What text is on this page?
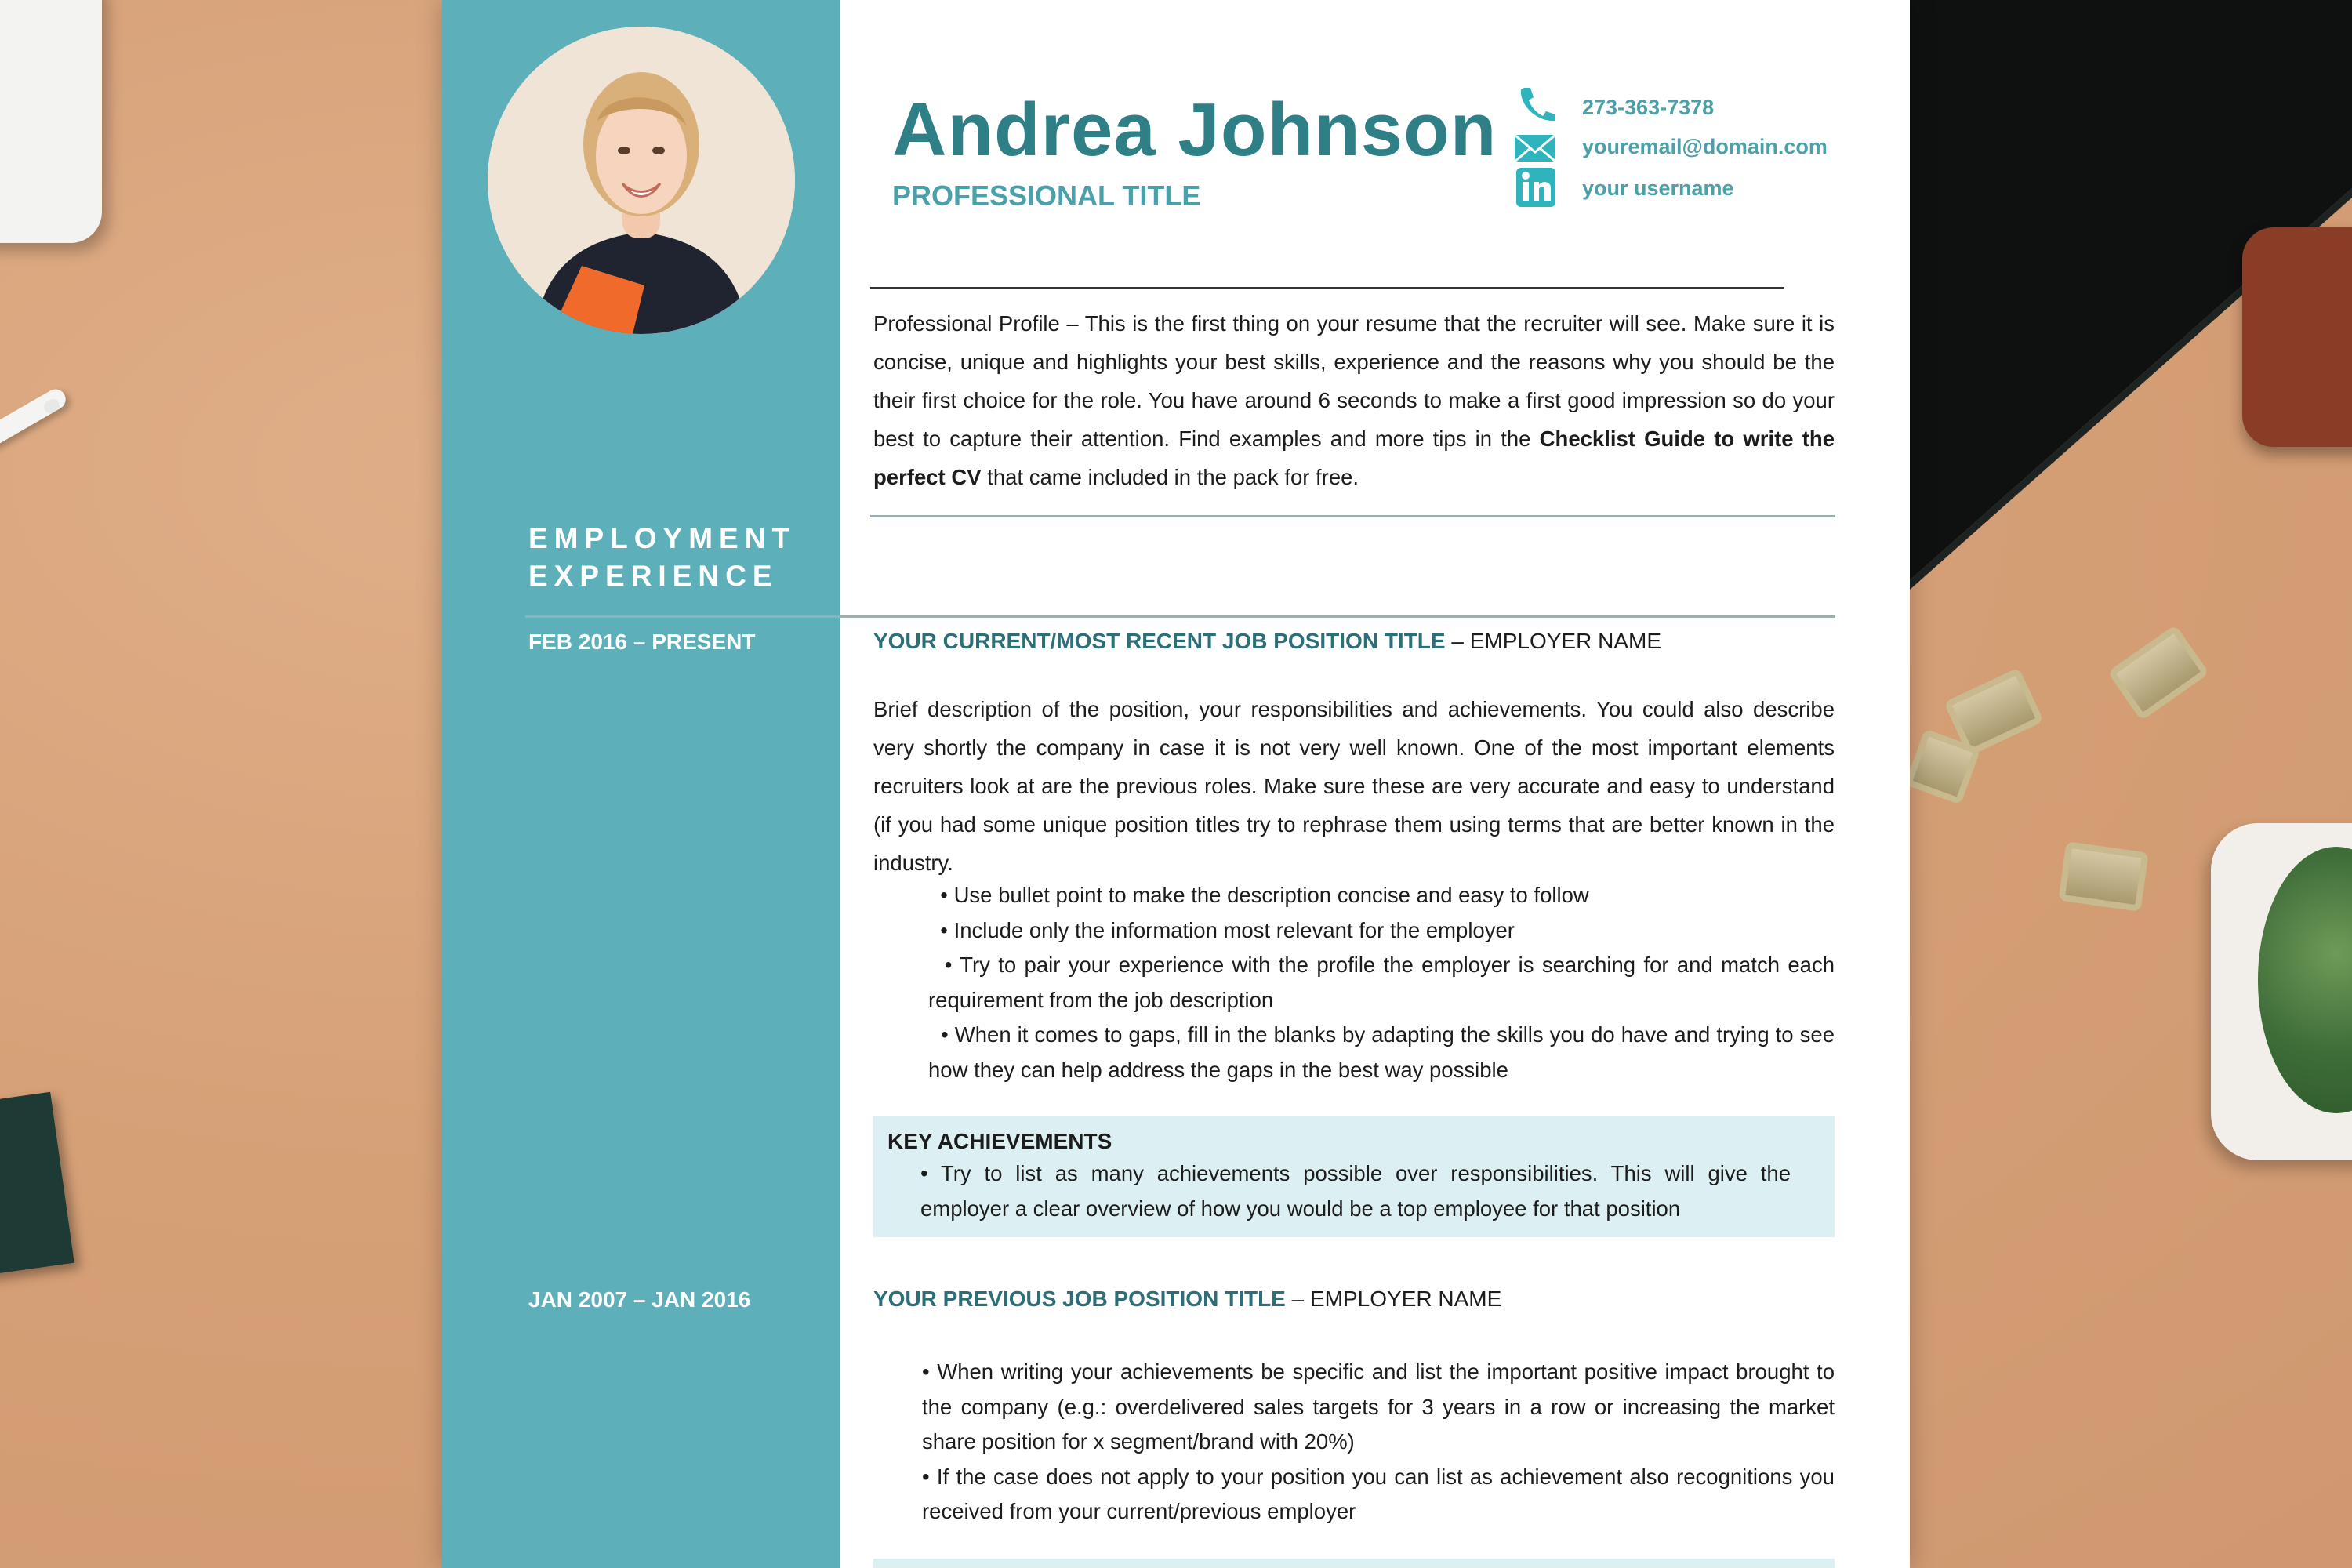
Andrea Johnson
PROFESSIONAL TITLE
273-363-7378
youremail@domain.com
your username
Professional Profile – This is the first thing on your resume that the recruiter will see. Make sure it is concise, unique and highlights your best skills, experience and the reasons why you should be the their first choice for the role. You have around 6 seconds to make a first good impression so do your best to capture their attention. Find examples and more tips in the Checklist Guide to write the perfect CV that came included in the pack for free.
EMPLOYMENT
EXPERIENCE
FEB 2016 – PRESENT	YOUR CURRENT/MOST RECENT JOB POSITION TITLE – EMPLOYER NAME
Brief description of the position, your responsibilities and achievements. You could also describe very shortly the company in case it is not very well known. One of the most important elements recruiters look at are the previous roles. Make sure these are very accurate and easy to understand (if you had some unique position titles try to rephrase them using terms that are better known in the industry.
• Use bullet point to make the description concise and easy to follow
• Include only the information most relevant for the employer
• Try to pair your experience with the profile the employer is searching for and match each requirement from the job description
• When it comes to gaps, fill in the blanks by adapting the skills you do have and trying to see how they can help address the gaps in the best way possible
KEY ACHIEVEMENTS
• Try to list as many achievements possible over responsibilities. This will give the employer a clear overview of how you would be a top employee for that position
JAN 2007 – JAN 2016	YOUR PREVIOUS JOB POSITION TITLE – EMPLOYER NAME
• When writing your achievements be specific and list the important positive impact brought to the company (e.g.: overdelivered sales targets for 3 years in a row or increasing the market share position for x segment/brand with 20%)
• If the case does not apply to your position you can list as achievement also recognitions you received from your current/previous employer
